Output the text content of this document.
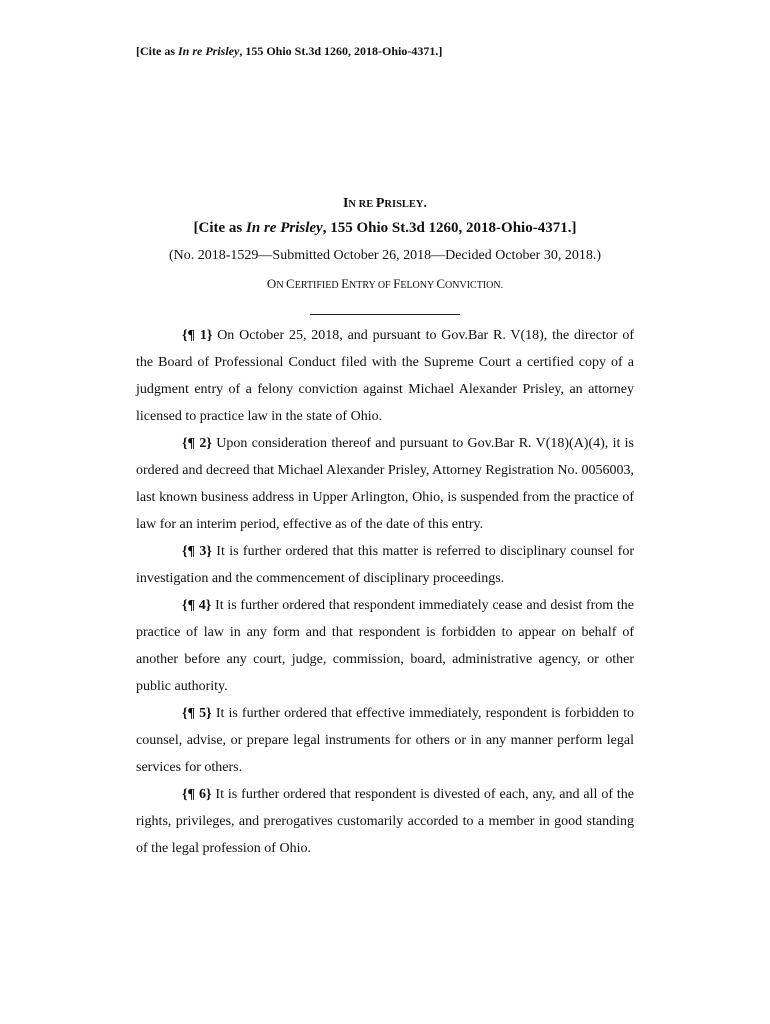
[Cite as In re Prisley, 155 Ohio St.3d 1260, 2018-Ohio-4371.]
IN RE PRISLEY.
[Cite as In re Prisley, 155 Ohio St.3d 1260, 2018-Ohio-4371.]
(No. 2018-1529—Submitted October 26, 2018—Decided October 30, 2018.)
ON CERTIFIED ENTRY OF FELONY CONVICTION.

{¶ 1} On October 25, 2018, and pursuant to Gov.Bar R. V(18), the director of the Board of Professional Conduct filed with the Supreme Court a certified copy of a judgment entry of a felony conviction against Michael Alexander Prisley, an attorney licensed to practice law in the state of Ohio.

{¶ 2} Upon consideration thereof and pursuant to Gov.Bar R. V(18)(A)(4), it is ordered and decreed that Michael Alexander Prisley, Attorney Registration No. 0056003, last known business address in Upper Arlington, Ohio, is suspended from the practice of law for an interim period, effective as of the date of this entry.

{¶ 3} It is further ordered that this matter is referred to disciplinary counsel for investigation and the commencement of disciplinary proceedings.

{¶ 4} It is further ordered that respondent immediately cease and desist from the practice of law in any form and that respondent is forbidden to appear on behalf of another before any court, judge, commission, board, administrative agency, or other public authority.

{¶ 5} It is further ordered that effective immediately, respondent is forbidden to counsel, advise, or prepare legal instruments for others or in any manner perform legal services for others.

{¶ 6} It is further ordered that respondent is divested of each, any, and all of the rights, privileges, and prerogatives customarily accorded to a member in good standing of the legal profession of Ohio.
